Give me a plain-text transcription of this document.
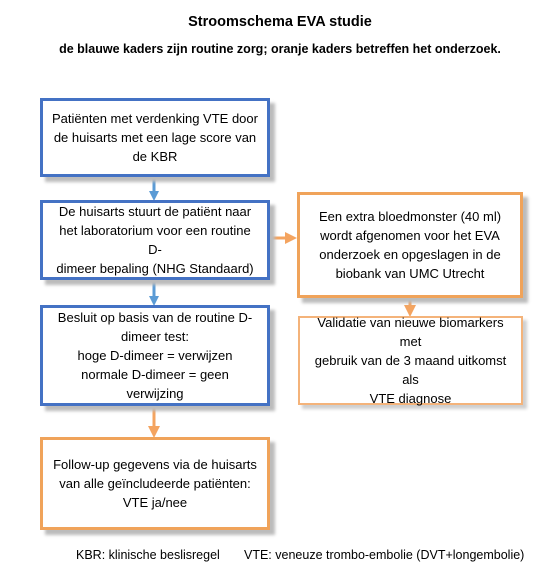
Stroomschema EVA studie
de blauwe kaders zijn routine zorg; oranje kaders betreffen het onderzoek.
Patiënten met verdenking VTE door
de huisarts met een lage score van
de KBR
De huisarts stuurt de patiënt naar
het laboratorium voor een routine D-
dimeer bepaling (NHG Standaard)
Besluit op basis van de routine D-
dimeer test:
hoge D-dimeer = verwijzen
normale D-dimeer = geen verwijzing
Follow-up gegevens via de huisarts
van alle geïncludeerde patiënten:
VTE ja/nee
Een extra bloedmonster (40 ml)
wordt afgenomen voor het EVA
onderzoek en opgeslagen in de
biobank van UMC Utrecht
Validatie van nieuwe biomarkers met
gebruik van de 3 maand uitkomst als
VTE diagnose
KBR: klinische beslisregel VTE: veneuze trombo-embolie (DVT+longembolie)
